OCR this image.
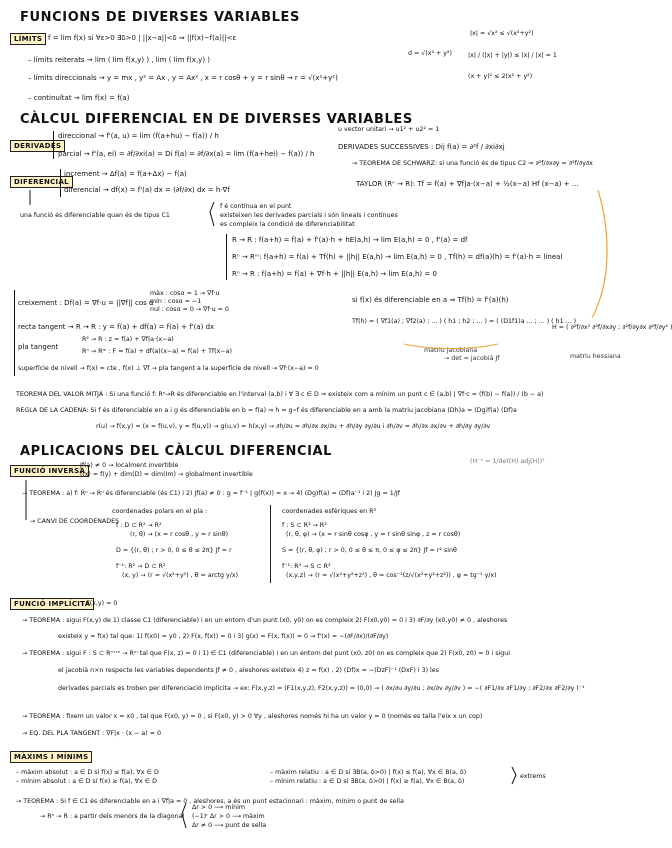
FUNCIONS DE DIVERSES VARIABLES
CÀLCUL DIFERENCIAL EN DE DIVERSES VARIABLES
APLICACIONS DEL CÀLCUL DIFERENCIAL
LÍMITS f = lim f(x) si ∀ε>0 ∃δ>0 | ||x−a||<δ ⇒ ||f(x)−f(a)||<ε
– límits reiterats → lim ( lim f(x,y) ) , lim ( lim f(x,y) )
– límits direccionals → y = mx , y² = Ax , y = Ax² , x = r cosθ + y = r sinθ → r = √(x²+y²)
– continuïtat → lim f(x) = f(a)
|x| = √x² ≤ √(x²+y²)
d = √(x² + y²)	|x| / (|x| + |y|) ≤ |x| / |x| = 1
(x + y)² ≤ 2(x² + y²)
DERIVADES
direccional → f'(a, u) = lim (f(a+hu) − f(a)) / h
parcial → f'(a, ei) = ∂f/∂xi(a) = Di f(a) = ∂f/∂x(a) = lim (f(a+hei) − f(a)) / h
DIFERENCIAL
increment → Δf(a) = f(a+Δx) − f(a)
diferencial → df(x) = f'(a) dx = (∂f/∂x) dx = h·∇f
u vector unitari → u1² + u2² = 1
DERIVADES SUCCESSIVES : Dij f(a) = ∂²f / ∂xi∂xj
→ TEOREMA DE SCHWARZ: si una funció és de tipus C2 ⇒ ∂²f/∂x∂y = ∂²f/∂y∂x
TAYLOR (Rⁿ → R): Tf = f(a) + ∇f|a·(x−a) + ½(x−a) Hf (x−a) + ...
una funció és diferenciable quan és de tipus C1
f é contínua en el punt
existeixen les derivades parcials i són lineals i contínues
es compleix la condició de diferenciabilitat
R → R : f(a+h) = f(a) + f'(a)·h + hE(a,h) → lim E(a,h) = 0 , f'(a) = df
Rⁿ → Rᵐ: f(a+h) = f(a) + Tf(h) + ||h|| E(a,h) → lim E(a,h) = 0 , Tf(h) = df(a)(h) = f'(a)·h = lineal
Rⁿ → R : f(a+h) = f(a) + ∇f·h + ||h|| E(a,h) → lim E(a,h) = 0
creixement : Df(a) = ∇f·u = ||∇f|| cos α
màx : cosα = 1 → ∇f·u
mín : cosα = −1
nul : cosα = 0 → ∇f·u = 0
recta tangent → R → R : y = f(a) + df(a) = f(a) + f'(a) dx
pla tangent
R² → R : z = f(a) + ∇f|a·(x−a)
Rⁿ → Rᵐ : F = f(a) + df(a)(x−a) = f(a) + Tf(x−a)
superfície de nivell → f(x) = cte , f(x) ⊥ ∇f → pla tangent a la superfície de nivell → ∇f·(x−a) = 0
si f(x) és diferenciable en a ⇒ Tf(h) = f'(a)(h)
Tf(h) = ( ∇f1(a) ; ∇f2(a) ; ... ) ( h1 ; h2 ; ... ) = ( (D1f1)a ... ; ... ) ( h1 ... )
H = ( ∂²f/∂x² ∂²f/∂x∂y ; ∂²f/∂y∂x ∂²f/∂y² )
matriu jacobiana
→ det = jacobià Jf	matriu hessiana
TEOREMA DEL VALOR MITJÀ : Si una funció f: Rⁿ→R és diferenciable en l'interval (a,b) i ∀ ∃ c ∈ D ⇒ existeix com a mínim un punt c ∈ (a,b) | ∇f·c = (f(b) − f(a)) / (b − a)
REGLA DE LA CADENA: Si f és diferenciable en a i g és diferenciable en b = f(a) ⇒ h = g∘f és diferenciable en a amb la matriu jacobiana (Dh)a = (Dg)f(a) (Df)a
r(u) → f(x,y) = (x = f(u,v), y = f(u,v)) → g(u,v) = h(x,y) → ∂h/∂u = ∂h/∂x ∂x/∂u + ∂h/∂y ∂y/∂u i ∂h/∂v = ∂h/∂x ∂x/∂v + ∂h/∂y ∂y/∂v
FUNCIÓ INVERSA
Jf(a) ≠ 0 → localment invertible
f(x) = f(y) + dim(D) = dim(Im) → globalment invertible
(H⁻¹ = 1/det(H) adj(H))ᵀ
→ TEOREMA : a) f: Rⁿ → Rⁿ és diferenciable (és C1) i 2) Jf(a) ≠ 0 : g = f⁻¹ | g(f(x)) = x → 4) (Dg)f(a) = (Df)a⁻¹ i 2) Jg = 1/Jf
→ CANVI DE COORDENADES
coordenades polars en el pla :
f : D ⊂ R² → R²
(r, θ) → (x = r cosθ , y = r sinθ)
D = {(r, θ) ; r > 0, 0 ≤ θ ≤ 2π} Jf = r
f⁻¹: R² → D ⊂ R²
(x, y) → (r = √(x²+y²) , θ = arctg y/x)
coordenades esfèriques en R³
f : S ⊂ R³ → R³
(r, θ, φ) → (x = r sinθ cosφ , y = r sinθ sinφ , z = r cosθ)
S = {(r, θ, φ) ; r > 0, 0 ≤ θ ≤ π, 0 ≤ φ ≤ 2π} Jf = r² sinθ
f⁻¹: R³ → S ⊂ R³
(x,y,z) → (r = √(x²+y²+z²) , θ = cos⁻¹(z/√(x²+y²+z²)) , φ = tg⁻¹ y/x)
FUNCIÓ IMPLÍCITA
: F(x,y) = 0
→ TEOREMA : sigui F(x,y) de 1) classe C1 (diferenciable) i en un entorn d'un punt (x0, y0) on es compleix 2) F(x0,y0) = 0 i 3) ∂F/∂y (x0,y0) ≠ 0 , aleshores
existeix y = f(x) tal que: 1) f(x0) = y0 , 2) F(x, f(x)) = 0 i 3) g(x) = F(x, f(x)) = 0 → f'(x) = −(∂F/∂x)/(∂F/∂y)
→ TEOREMA : sigui F : S ⊂ Rⁿ⁺ᵐ → Rᵐ tal que F(x, z) = 0 i 1) ∈ C1 (diferenciable) i en un entorn del punt (x0, z0) on es compleix que 2) F(x0, z0) = 0 i sigui
el jacobià n×n respecte les variables dependents Jf ≠ 0 , aleshores existeix 4) z = f(x) , 2) (Df)x = −(DzF)⁻¹ (DxF) i 3) les
derivades parcials es troben per diferenciació implícita → ex: F(x,y,z) = (F1(x,y,z), F2(x,y,z)) = (0,0) → ( ∂x/∂u ∂y/∂u ; ∂x/∂v ∂y/∂v ) = −( ∂F1/∂x ∂F1/∂y ; ∂F2/∂x ∂F2/∂y )⁻¹
→ TEOREMA : fixem un valor x = x0 , tal que F(x0, y) = 0 , si F(x0, y) > 0 ∀y , aleshores només hi ha un valor y = 0 (només es talla l'eix x un cop)
→ EQ. DEL PLA TANGENT : ∇F|x · (x − a) = 0
MÀXIMS I MÍNIMS
– màxim absolut : a ∈ D sí f(x) ≤ f(a), ∀x ∈ D
– mínim absolut : a ∈ D sí f(x) ≥ f(a), ∀x ∈ D
– màxim relatiu : a ∈ D sí ∃B(a, δ>0) | f(x) ≤ f(a), ∀x ∈ B(a, δ)
– mínim relatiu : a ∈ D sí ∃B(a, δ>0) | f(x) ≥ f(a), ∀x ∈ B(a, δ)
extrems
→ TEOREMA : Si f ∈ C1 és diferenciable en a i ∇f|a = 0 , aleshores, a és un punt estacionari : màxim, mínim o punt de sella
→ Rⁿ → R : a partir dels menors de la diagonal
Δr > 0 ⟶ mínim
(−1)ʳ Δr > 0 ⟶ màxim
Δr ≠ 0 ⟶ punt de sella
